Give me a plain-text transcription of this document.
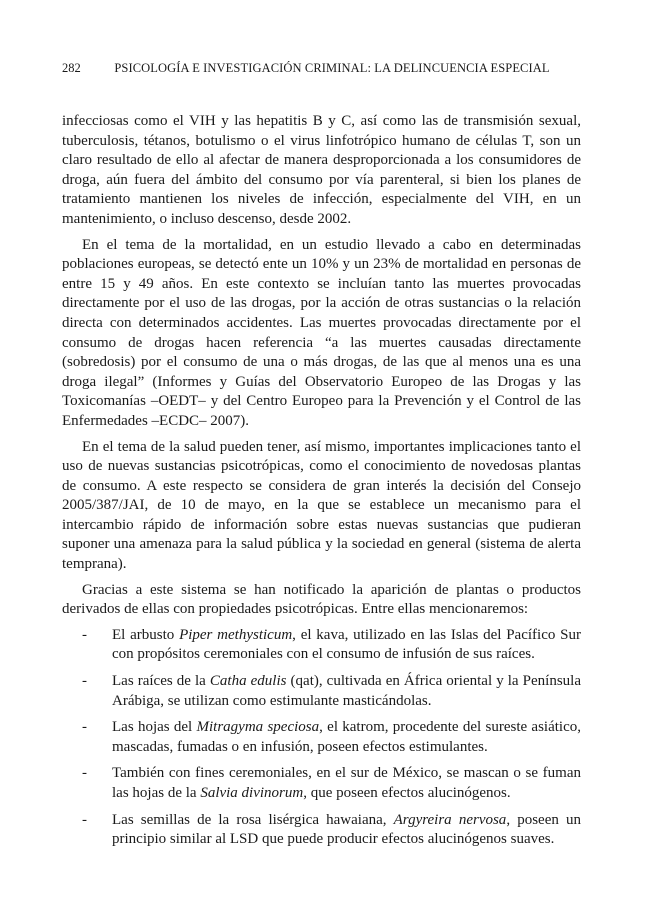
282	PSICOLOGÍA E INVESTIGACIÓN CRIMINAL: LA DELINCUENCIA ESPECIAL

infecciosas como el VIH y las hepatitis B y C, así como las de transmisión sexual, tuberculosis, tétanos, botulismo o el virus linfotrópico humano de células T, son un claro resultado de ello al afectar de manera desproporcionada a los consumidores de droga, aún fuera del ámbito del consumo por vía parenteral, si bien los planes de tratamiento mantienen los niveles de infección, especialmente del VIH, en un mantenimiento, o incluso descenso, desde 2002.

En el tema de la mortalidad, en un estudio llevado a cabo en determinadas poblaciones europeas, se detectó ente un 10% y un 23% de mortalidad en personas de entre 15 y 49 años. En este contexto se incluían tanto las muertes provocadas directamente por el uso de las drogas, por la acción de otras sustancias o la relación directa con determinados accidentes. Las muertes provocadas directamente por el consumo de drogas hacen referencia “a las muertes causadas directamente (sobredosis) por el consumo de una o más drogas, de las que al menos una es una droga ilegal” (Informes y Guías del Observatorio Europeo de las Drogas y las Toxicomanías –OEDT– y del Centro Europeo para la Prevención y el Control de las Enfermedades –ECDC– 2007).

En el tema de la salud pueden tener, así mismo, importantes implicaciones tanto el uso de nuevas sustancias psicotrópicas, como el conocimiento de novedosas plantas de consumo. A este respecto se considera de gran interés la decisión del Consejo 2005/387/JAI, de 10 de mayo, en la que se establece un mecanismo para el intercambio rápido de información sobre estas nuevas sustancias que pudieran suponer una amenaza para la salud pública y la sociedad en general (sistema de alerta temprana).

Gracias a este sistema se han notificado la aparición de plantas o productos derivados de ellas con propiedades psicotrópicas. Entre ellas mencionaremos:

- El arbusto Piper methysticum, el kava, utilizado en las Islas del Pacífico Sur con propósitos ceremoniales con el consumo de infusión de sus raíces.
- Las raíces de la Catha edulis (qat), cultivada en África oriental y la Península Arábiga, se utilizan como estimulante masticándolas.
- Las hojas del Mitragyma speciosa, el katrom, procedente del sureste asiático, mascadas, fumadas o en infusión, poseen efectos estimulantes.
- También con fines ceremoniales, en el sur de México, se mascan o se fuman las hojas de la Salvia divinorum, que poseen efectos alucinógenos.
- Las semillas de la rosa lisérgica hawaiana, Argyreira nervosa, poseen un principio similar al LSD que puede producir efectos alucinógenos suaves.
